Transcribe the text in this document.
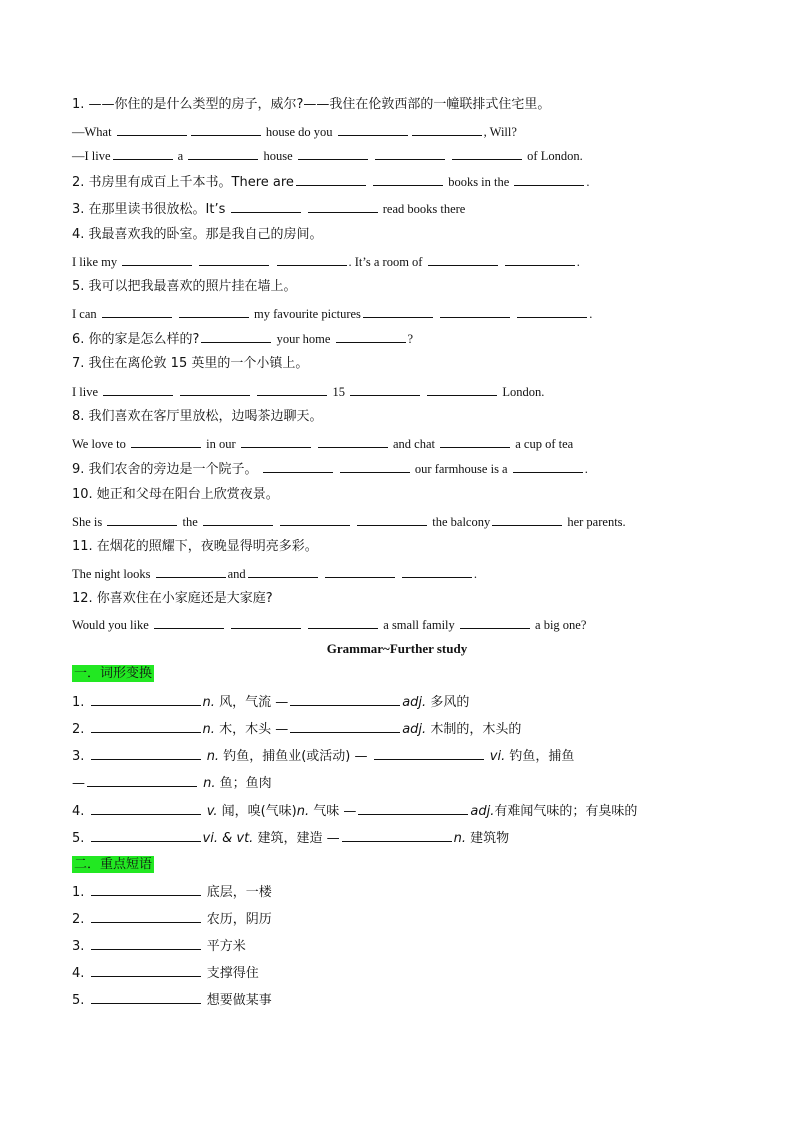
1. ——你住的是什么类型的房子，威尔?——我住在伦敦西部的一幢联排式住宅里。
—What	house do you	, Will?
—I live	a	house	of London.
2. 书房里有成百上千本书。There are	books in the	.
3. 在那里读书很放松。It’s	read books there
4. 我最喜欢我的卧室。那是我自己的房间。
I like my	. It’s a room of	.
5. 我可以把我最喜欢的照片挂在墙上。
I can	my favourite pictures	.
6. 你的家是怎么样的?	your home	?
7. 我住在离伦敦 15 英里的一个小镇上。
I live	15	London.
8. 我们喜欢在客厅里放松，边喝茶边聊天。
We love to	in our	and chat	a cup of tea
9. 我们农舍的旁边是一个院子。	our farmhouse is a	.
10. 她正和父母在阳台上欣赏夜景。
She is	the	the balcony	her parents.
11. 在烟花的照耀下，夜晚显得明亮多彩。
The night looks	and	.
12. 你喜欢住在小家庭还是大家庭?
Would you like	a small family	a big one?
Grammar~Further study
一．词形变换
1.	n. 风，气流 —	adj. 多风的
2.	n. 木，木头 —	adj. 木制的，木头的
3.	n. 钓鱼，捕鱼业(或活动) —	vi. 钓鱼，捕鱼
—	n. 鱼；鱼肉
4.	v. 闻，嗅(气味)n. 气味 —	adj.有难闻气味的；有臭味的
5.	vi. & vt. 建筑，建造 —	n. 建筑物
二．重点短语
1.	底层，一楼
2.	农历，阴历
3.	平方米
4.	支撑得住
5.	想要做某事
